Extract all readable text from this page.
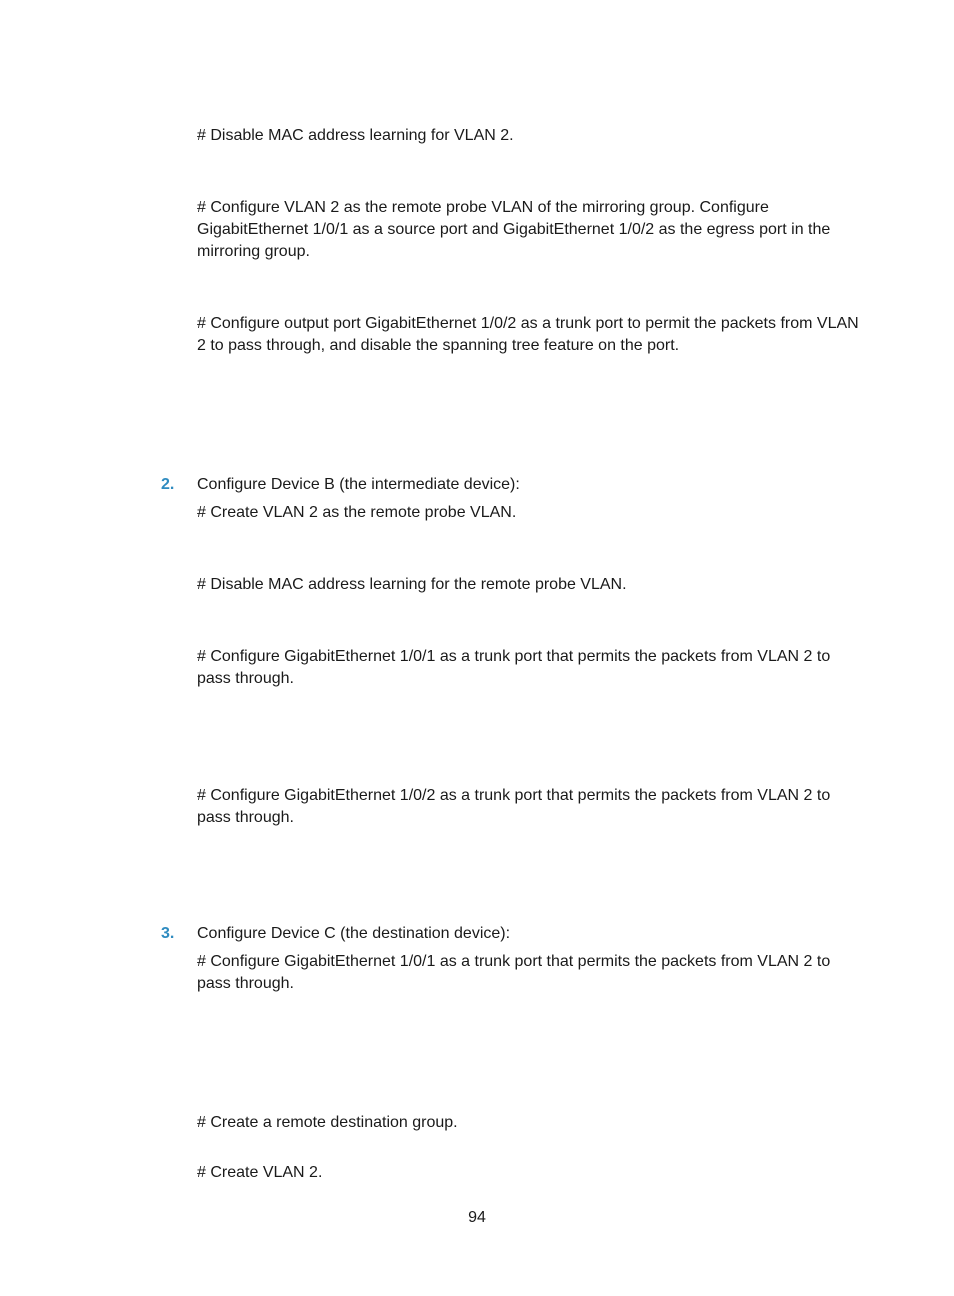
# Disable MAC address learning for VLAN 2.

# Configure VLAN 2 as the remote probe VLAN of the mirroring group. Configure GigabitEthernet 1/0/1 as a source port and GigabitEthernet 1/0/2 as the egress port in the mirroring group.

# Configure output port GigabitEthernet 1/0/2 as a trunk port to permit the packets from VLAN 2 to pass through, and disable the spanning tree feature on the port.

2. Configure Device B (the intermediate device):

# Create VLAN 2 as the remote probe VLAN.

# Disable MAC address learning for the remote probe VLAN.

# Configure GigabitEthernet 1/0/1 as a trunk port that permits the packets from VLAN 2 to pass through.

# Configure GigabitEthernet 1/0/2 as a trunk port that permits the packets from VLAN 2 to pass through.

3. Configure Device C (the destination device):

# Configure GigabitEthernet 1/0/1 as a trunk port that permits the packets from VLAN 2 to pass through.

# Create a remote destination group.

# Create VLAN 2.

94
